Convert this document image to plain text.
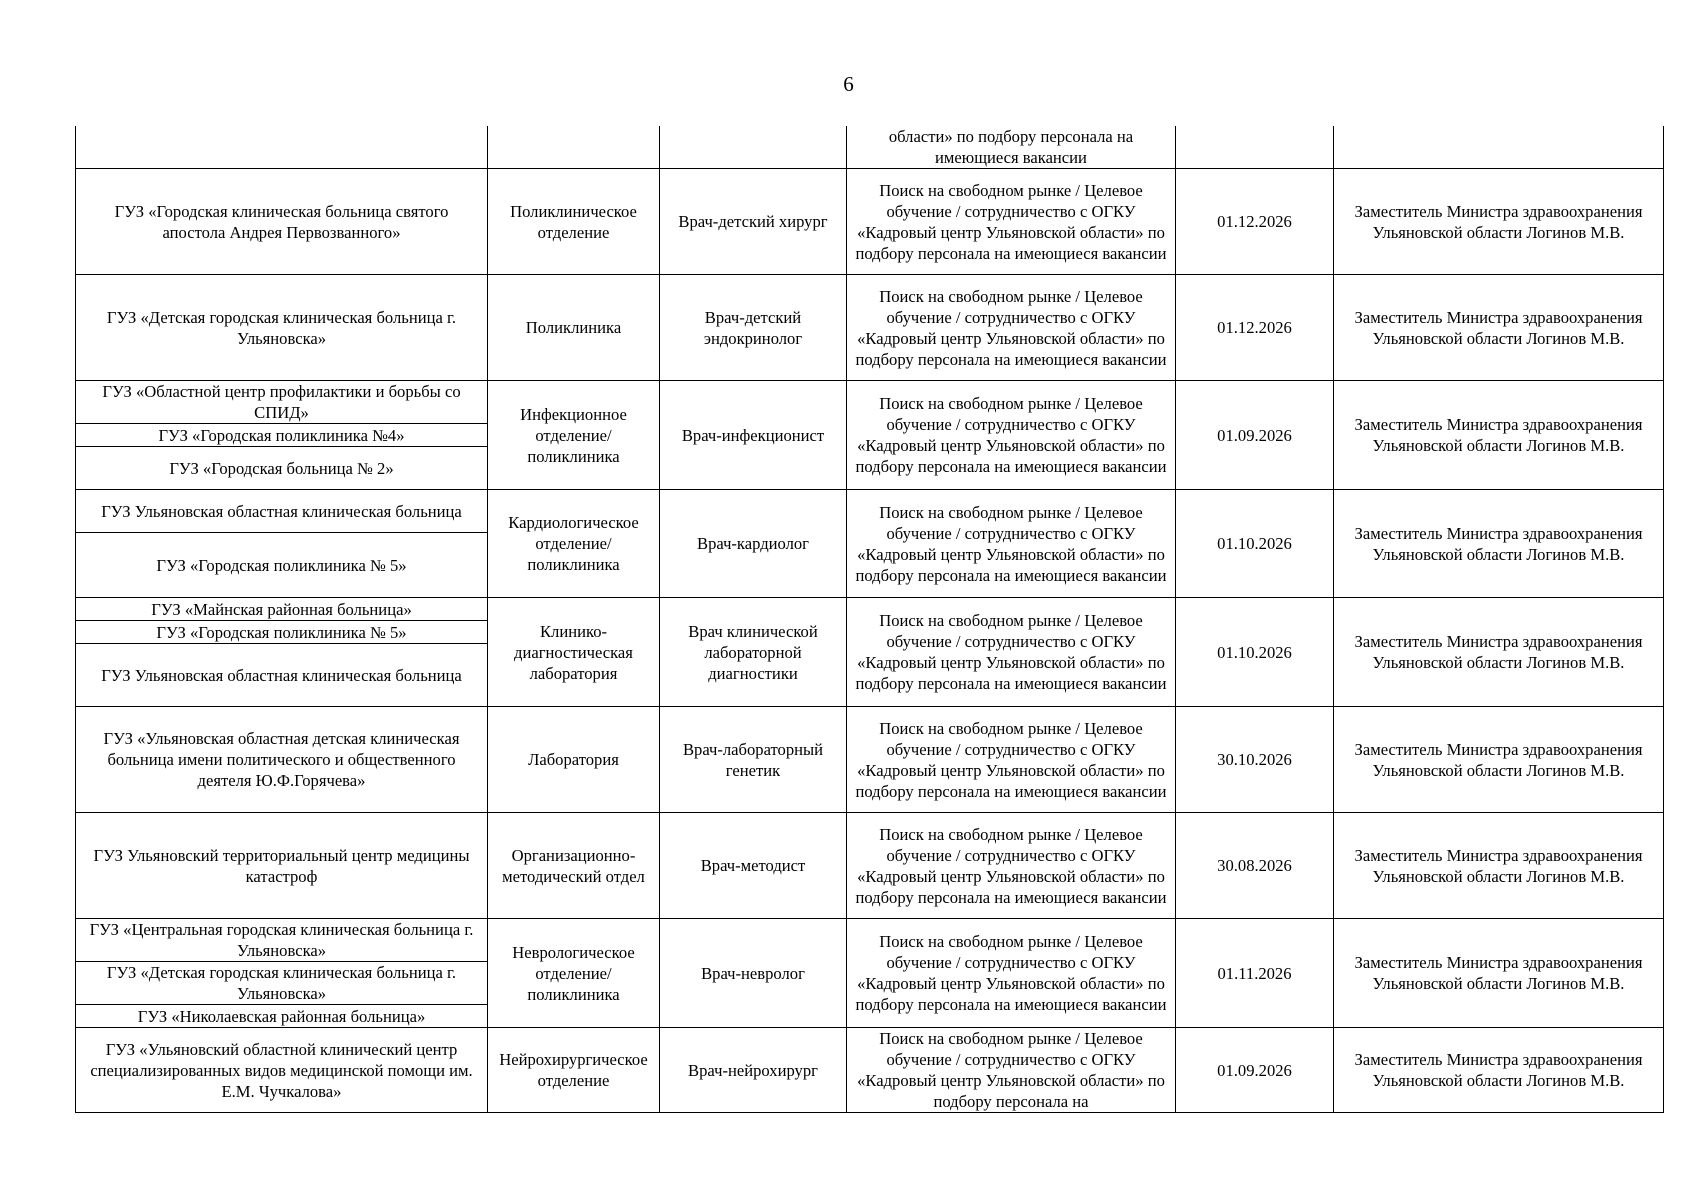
6
			области» по подбору персонала на имеющиеся вакансии		

ГУЗ «Городская клиническая больница святого апостола Андрея Первозванного»
	Поликлиническое отделение	Врач-детский хирург	Поиск на свободном рынке / Целевое обучение / сотрудничество с ОГКУ «Кадровый центр Ульяновской области» по подбору персонала на имеющиеся вакансии	01.12.2026	Заместитель Министра здравоохранения Ульяновской области Логинов М.В.

ГУЗ «Детская городская клиническая больница г. Ульяновска»
	Поликлиника	Врач-детский эндокринолог	Поиск на свободном рынке / Целевое обучение / сотрудничество с ОГКУ «Кадровый центр Ульяновской области» по подбору персонала на имеющиеся вакансии	01.12.2026	Заместитель Министра здравоохранения Ульяновской области Логинов М.В.

ГУЗ «Областной центр профилактики и борьбы со СПИД»
ГУЗ «Городская поликлиника №4»
ГУЗ «Городская больница № 2»
	Инфекционное отделение/ поликлиника	Врач-инфекционист	Поиск на свободном рынке / Целевое обучение / сотрудничество с ОГКУ «Кадровый центр Ульяновской области» по подбору персонала на имеющиеся вакансии	01.09.2026	Заместитель Министра здравоохранения Ульяновской области Логинов М.В.

ГУЗ Ульяновская областная клиническая больница
ГУЗ «Городская поликлиника № 5»
	Кардиологическое отделение/ поликлиника	Врач-кардиолог	Поиск на свободном рынке / Целевое обучение / сотрудничество с ОГКУ «Кадровый центр Ульяновской области» по подбору персонала на имеющиеся вакансии	01.10.2026	Заместитель Министра здравоохранения Ульяновской области Логинов М.В.

ГУЗ «Майнская районная больница»
ГУЗ «Городская поликлиника № 5»
ГУЗ Ульяновская областная клиническая больница
	Клинико-диагностическая лаборатория	Врач клинической лабораторной диагностики	Поиск на свободном рынке / Целевое обучение / сотрудничество с ОГКУ «Кадровый центр Ульяновской области» по подбору персонала на имеющиеся вакансии	01.10.2026	Заместитель Министра здравоохранения Ульяновской области Логинов М.В.

ГУЗ «Ульяновская областная детская клиническая больница имени политического и общественного деятеля Ю.Ф.Горячева»
	Лаборатория	Врач-лабораторный генетик	Поиск на свободном рынке / Целевое обучение / сотрудничество с ОГКУ «Кадровый центр Ульяновской области» по подбору персонала на имеющиеся вакансии	30.10.2026	Заместитель Министра здравоохранения Ульяновской области Логинов М.В.

ГУЗ Ульяновский территориальный центр медицины катастроф
	Организационно-методический отдел	Врач-методист	Поиск на свободном рынке / Целевое обучение / сотрудничество с ОГКУ «Кадровый центр Ульяновской области» по подбору персонала на имеющиеся вакансии	30.08.2026	Заместитель Министра здравоохранения Ульяновской области Логинов М.В.

ГУЗ «Центральная городская клиническая больница г. Ульяновска»
ГУЗ «Детская городская клиническая больница г. Ульяновска»
ГУЗ «Николаевская районная больница»
	Неврологическое отделение/ поликлиника	Врач-невролог	Поиск на свободном рынке / Целевое обучение / сотрудничество с ОГКУ «Кадровый центр Ульяновской области» по подбору персонала на имеющиеся вакансии	01.11.2026	Заместитель Министра здравоохранения Ульяновской области Логинов М.В.

ГУЗ «Ульяновский областной клинический центр специализированных видов медицинской помощи им. Е.М. Чучкалова»
	Нейрохирургическое отделение	Врач-нейрохирург	Поиск на свободном рынке / Целевое обучение / сотрудничество с ОГКУ «Кадровый центр Ульяновской области» по подбору персонала на	01.09.2026	Заместитель Министра здравоохранения Ульяновской области Логинов М.В.
